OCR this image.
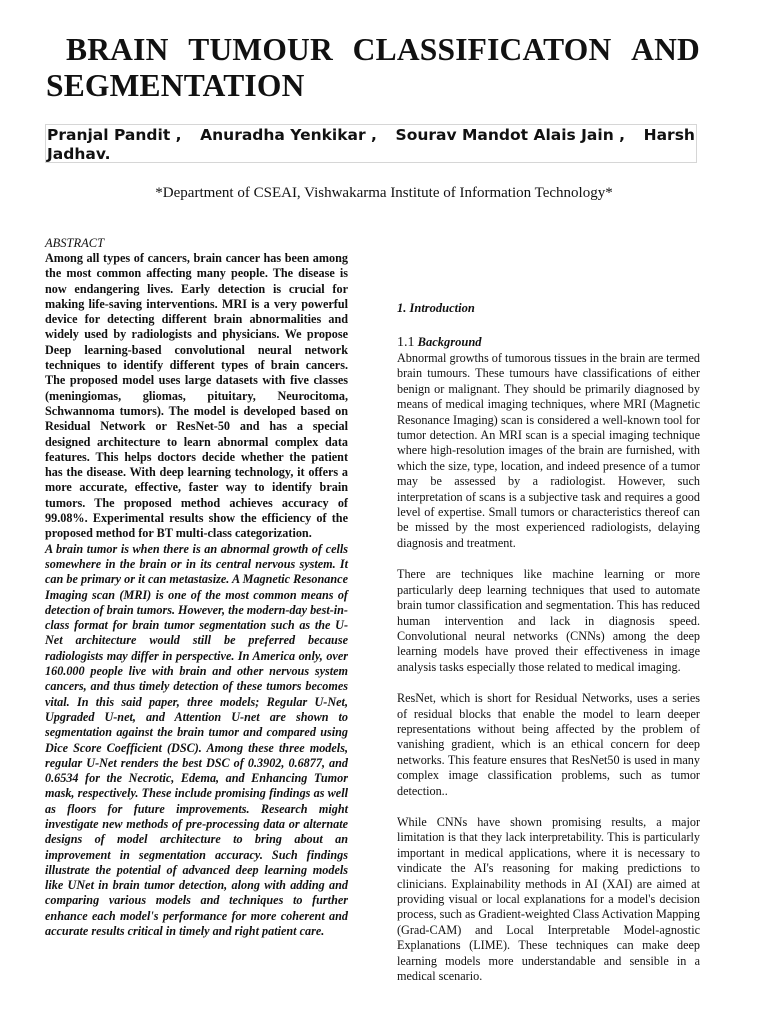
BRAIN TUMOUR CLASSIFICATON AND
SEGMENTATION
Pranjal Pandit , Anuradha Yenkikar , Sourav Mandot Alais Jain , Harsh
Jadhav.
*Department of CSEAI, Vishwakarma Institute of Information Technology*
ABSTRACT

Among all types of cancers, brain cancer has been among the most common affecting many people. The disease is now endangering lives. Early detection is crucial for making life-saving interventions. MRI is a very powerful device for detecting different brain abnormalities and widely used by radiologists and physicians. We propose Deep learning-based convolutional neural network techniques to identify different types of brain cancers. The proposed model uses large datasets with five classes (meningiomas, gliomas, pituitary, Neurocitoma, Schwannoma tumors). The model is developed based on Residual Network or ResNet-50 and has a special designed architecture to learn abnormal complex data features. This helps doctors decide whether the patient has the disease. With deep learning technology, it offers a more accurate, effective, faster way to identify brain tumors. The proposed method achieves accuracy of 99.08%. Experimental results show the efficiency of the proposed method for BT multi-class categorization.

A brain tumor is when there is an abnormal growth of cells somewhere in the brain or in its central nervous system. It can be primary or it can metastasize. A Magnetic Resonance Imaging scan (MRI) is one of the most common means of detection of brain tumors. However, the modern-day best-in-class format for brain tumor segmentation such as the U-Net architecture would still be preferred because radiologists may differ in perspective. In America only, over 160.000 people live with brain and other nervous system cancers, and thus timely detection of these tumors becomes vital. In this said paper, three models; Regular U-Net, Upgraded U-net, and Attention U-net are shown to segmentation against the brain tumor and compared using Dice Score Coefficient (DSC). Among these three models, regular U-Net renders the best DSC of 0.3902, 0.6877, and 0.6534 for the Necrotic, Edema, and Enhancing Tumor mask, respectively. These include promising findings as well as floors for future improvements. Research might investigate new methods of pre-processing data or alternate designs of model architecture to bring about an improvement in segmentation accuracy. Such findings illustrate the potential of advanced deep learning models like UNet in brain tumor detection, along with adding and comparing various models and techniques to further enhance each model's performance for more coherent and accurate results critical in timely and right patient care.

1. Introduction

1.1 Background

Abnormal growths of tumorous tissues in the brain are termed brain tumours. These tumours have classifications of either benign or malignant. They should be primarily diagnosed by means of medical imaging techniques, where MRI (Magnetic Resonance Imaging) scan is considered a well-known tool for tumor detection. An MRI scan is a special imaging technique where high-resolution images of the brain are furnished, with which the size, type, location, and indeed presence of a tumor may be assessed by a radiologist. However, such interpretation of scans is a subjective task and requires a good level of expertise. Small tumors or characteristics thereof can be missed by the most experienced radiologists, delaying diagnosis and treatment.

There are techniques like machine learning or more particularly deep learning techniques that used to automate brain tumor classification and segmentation. This has reduced human intervention and lack in diagnosis speed. Convolutional neural networks (CNNs) among the deep learning models have proved their effectiveness in image analysis tasks especially those related to medical imaging.

ResNet, which is short for Residual Networks, uses a series of residual blocks that enable the model to learn deeper representations without being affected by the problem of vanishing gradient, which is an ethical concern for deep networks. This feature ensures that ResNet50 is used in many complex image classification problems, such as tumor detection..

While CNNs have shown promising results, a major limitation is that they lack interpretability. This is particularly important in medical applications, where it is necessary to vindicate the AI's reasoning for making predictions to clinicians. Explainability methods in AI (XAI) are aimed at providing visual or local explanations for a model's decision process, such as Gradient-weighted Class Activation Mapping (Grad-CAM) and Local Interpretable Model-agnostic Explanations (LIME). These techniques can make deep learning models more understandable and sensible in a medical scenario.
